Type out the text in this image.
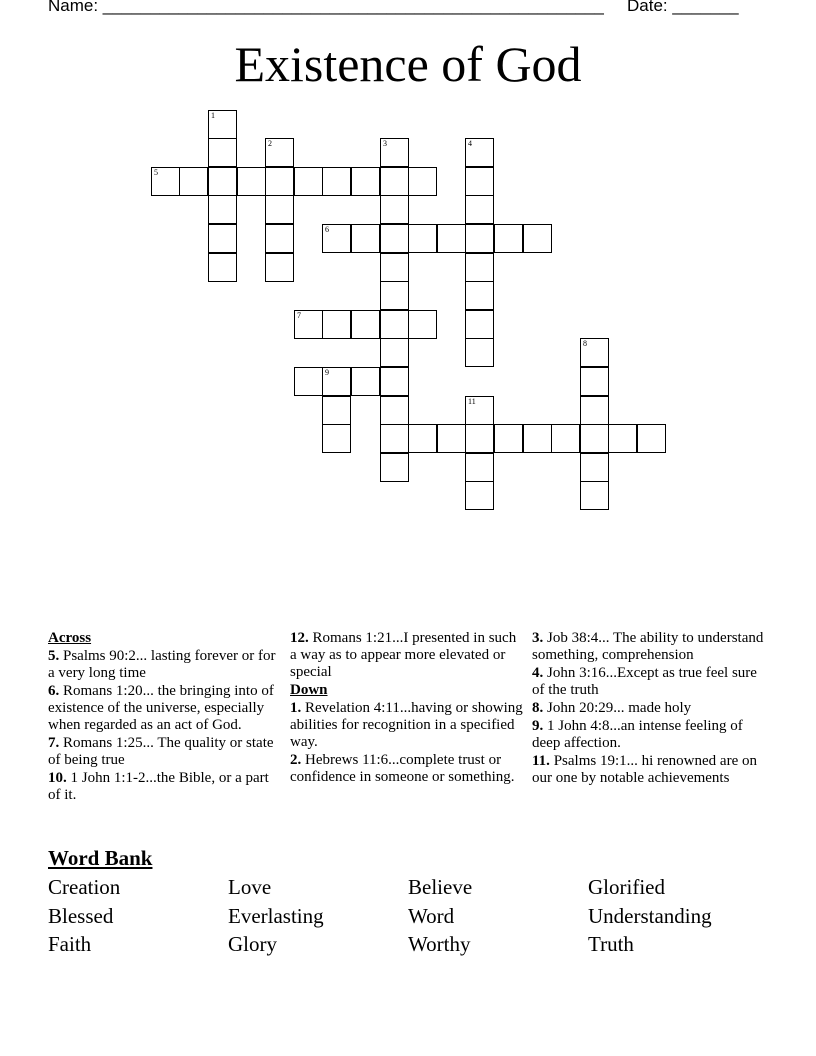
Name: _____________________________________________________ Date: _______
Existence of God
5
1
2	3	4
6
7
9
11
8
Across
5. Psalms 90:2... lasting forever or for a very long time
6. Romans 1:20... the bringing into of existence of the universe, especially when regarded as an act of God.
7. Romans 1:25... The quality or state of being true
10. 1 John 1:1-2...the Bible, or a part of it.
12. Romans 1:21...I presented in such a way as to appear more elevated or special
Down
1. Revelation 4:11...having or showing abilities for recognition in a specified way.
2. Hebrews 11:6...complete trust or confidence in someone or something.
3. Job 38:4... The ability to understand something, comprehension
4. John 3:16...Except as true feel sure of the truth
8. John 20:29... made holy
9. 1 John 4:8...an intense feeling of deep affection.
11. Psalms 19:1... hi renowned are on our one by notable achievements
Word Bank
Creation	Love	Believe	Glorified
Blessed	Everlasting	Word	Understanding
Faith	Glory	Worthy	Truth
